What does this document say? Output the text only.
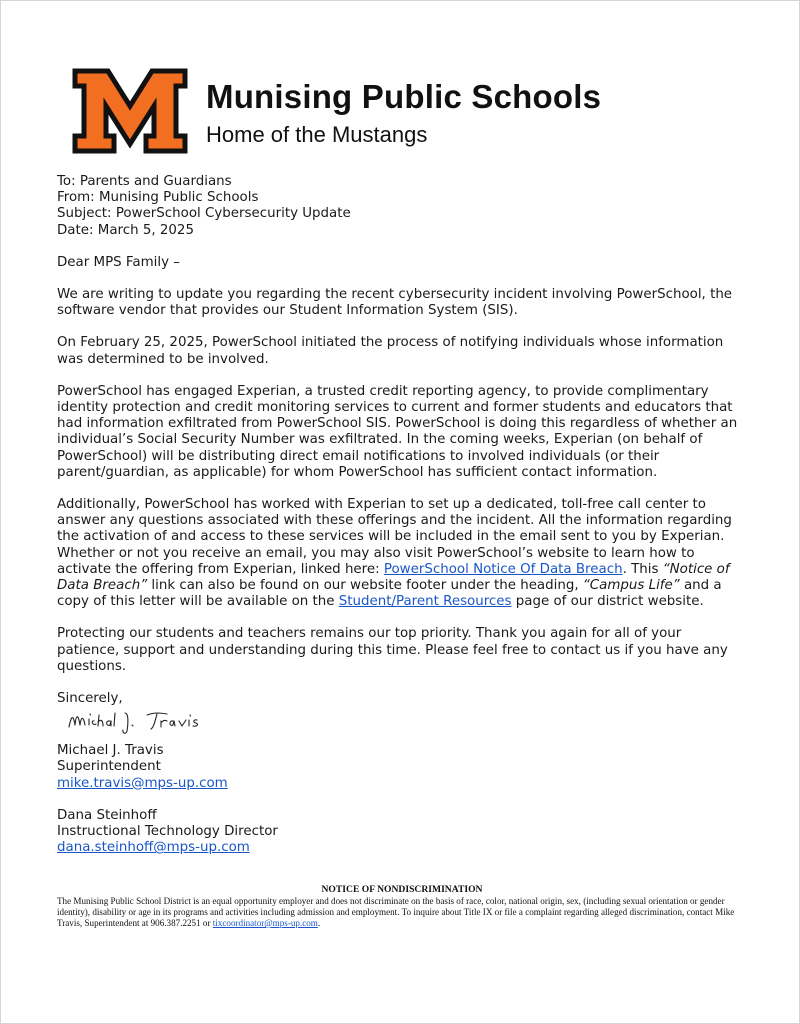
Munising Public Schools
Home of the Mustangs

To: Parents and Guardians
From: Munising Public Schools
Subject: PowerSchool Cybersecurity Update
Date: March 5, 2025

Dear MPS Family –

We are writing to update you regarding the recent cybersecurity incident involving PowerSchool, the software vendor that provides our Student Information System (SIS).

On February 25, 2025, PowerSchool initiated the process of notifying individuals whose information was determined to be involved.

PowerSchool has engaged Experian, a trusted credit reporting agency, to provide complimentary identity protection and credit monitoring services to current and former students and educators that had information exfiltrated from PowerSchool SIS. PowerSchool is doing this regardless of whether an individual’s Social Security Number was exfiltrated. In the coming weeks, Experian (on behalf of PowerSchool) will be distributing direct email notifications to involved individuals (or their parent/guardian, as applicable) for whom PowerSchool has sufficient contact information.

Additionally, PowerSchool has worked with Experian to set up a dedicated, toll-free call center to answer any questions associated with these offerings and the incident. All the information regarding the activation of and access to these services will be included in the email sent to you by Experian. Whether or not you receive an email, you may also visit PowerSchool’s website to learn how to activate the offering from Experian, linked here: PowerSchool Notice Of Data Breach. This “Notice of Data Breach” link can also be found on our website footer under the heading, “Campus Life” and a copy of this letter will be available on the Student/Parent Resources page of our district website.

Protecting our students and teachers remains our top priority. Thank you again for all of your patience, support and understanding during this time. Please feel free to contact us if you have any questions.

Sincerely,

Michael J. Travis
Superintendent
mike.travis@mps-up.com
Dana Steinhoff
Instructional Technology Director
dana.steinhoff@mps-up.com
NOTICE OF NONDISCRIMINATION
The Munising Public School District is an equal opportunity employer and does not discriminate on the basis of race, color, national origin, sex, (including sexual orientation or gender identity), disability or age in its programs and activities including admission and employment. To inquire about Title IX or file a complaint regarding alleged discrimination, contact Mike Travis, Superintendent at 906.387.2251 or tixcoordinator@mps-up.com.
